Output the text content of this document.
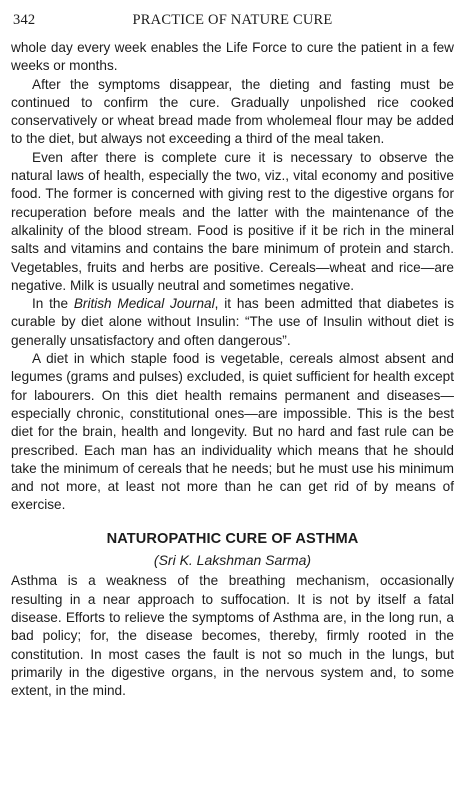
342	PRACTICE OF NATURE CURE

whole day every week enables the Life Force to cure the patient in a few weeks or months.

After the symptoms disappear, the dieting and fasting must be continued to confirm the cure. Gradually unpolished rice cooked conservatively or wheat bread made from wholemeal flour may be added to the diet, but always not exceeding a third of the meal taken.

Even after there is complete cure it is necessary to observe the natural laws of health, especially the two, viz., vital economy and positive food. The former is concerned with giving rest to the digestive organs for recuperation before meals and the latter with the maintenance of the alkalinity of the blood stream. Food is positive if it be rich in the mineral salts and vitamins and contains the bare minimum of protein and starch. Vegetables, fruits and herbs are positive. Cereals—wheat and rice—are negative. Milk is usually neutral and sometimes negative.

In the British Medical Journal, it has been admitted that diabetes is curable by diet alone without Insulin: “The use of Insulin without diet is generally unsatisfactory and often dangerous”.

A diet in which staple food is vegetable, cereals almost absent and legumes (grams and pulses) excluded, is quiet sufficient for health except for labourers. On this diet health remains permanent and diseases—especially chronic, constitutional ones—are impossible. This is the best diet for the brain, health and longevity. But no hard and fast rule can be prescribed. Each man has an individuality which means that he should take the minimum of cereals that he needs; but he must use his minimum and not more, at least not more than he can get rid of by means of exercise.

NATUROPATHIC CURE OF ASTHMA
(Sri K. Lakshman Sarma)

Asthma is a weakness of the breathing mechanism, occasionally resulting in a near approach to suffocation. It is not by itself a fatal disease. Efforts to relieve the symptoms of Asthma are, in the long run, a bad policy; for, the disease becomes, thereby, firmly rooted in the constitution. In most cases the fault is not so much in the lungs, but primarily in the digestive organs, in the nervous system and, to some extent, in the mind.
